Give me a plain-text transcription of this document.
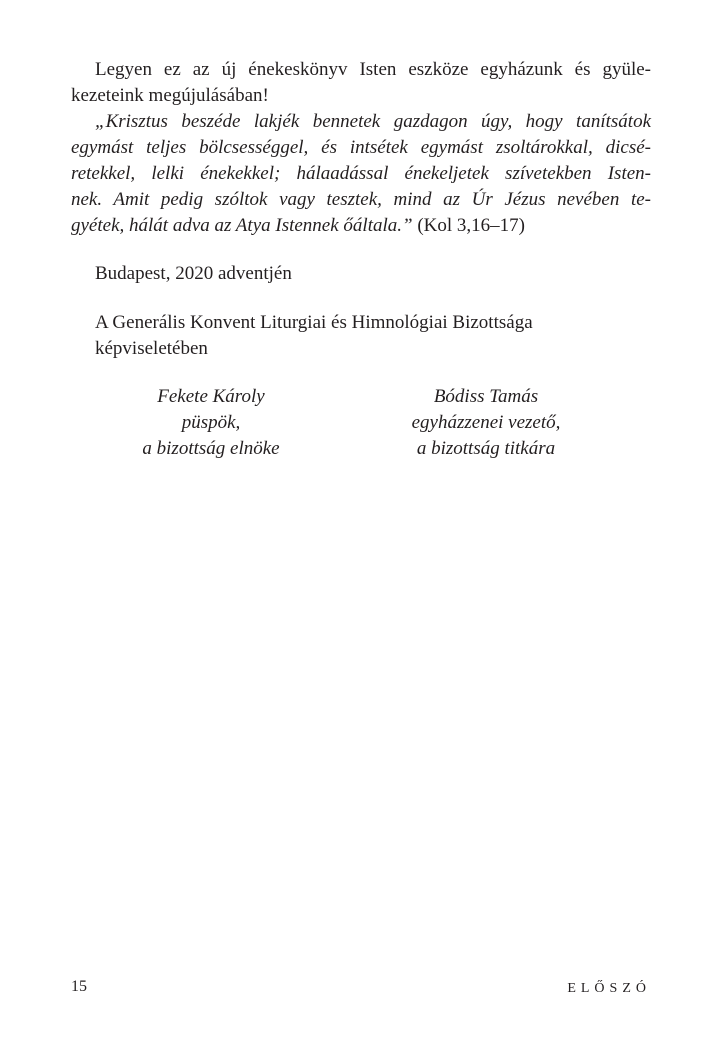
Legyen ez az új énekeskönyv Isten eszköze egyházunk és gyüle-
kezeteink megújulásában!
„Krisztus beszéde lakjék bennetek gazdagon úgy, hogy tanítsátok
egymást teljes bölcsességgel, és intsétek egymást zsoltárokkal, dicsé-
retekkel, lelki énekekkel; hálaadással énekeljetek szívetekben Isten-
nek. Amit pedig szóltok vagy tesztek, mind az Úr Jézus nevében te-
gyétek, hálát adva az Atya Istennek őáltala.” (Kol 3,16–17)
Budapest, 2020 adventjén
A Generális Konvent Liturgiai és Himnológiai Bizottsága
képviseletében
Fekete Károly
püspök,
a bizottság elnöke
Bódiss Tamás
egyházzenei vezető,
a bizottság titkára
15	ELŐSZÓ
